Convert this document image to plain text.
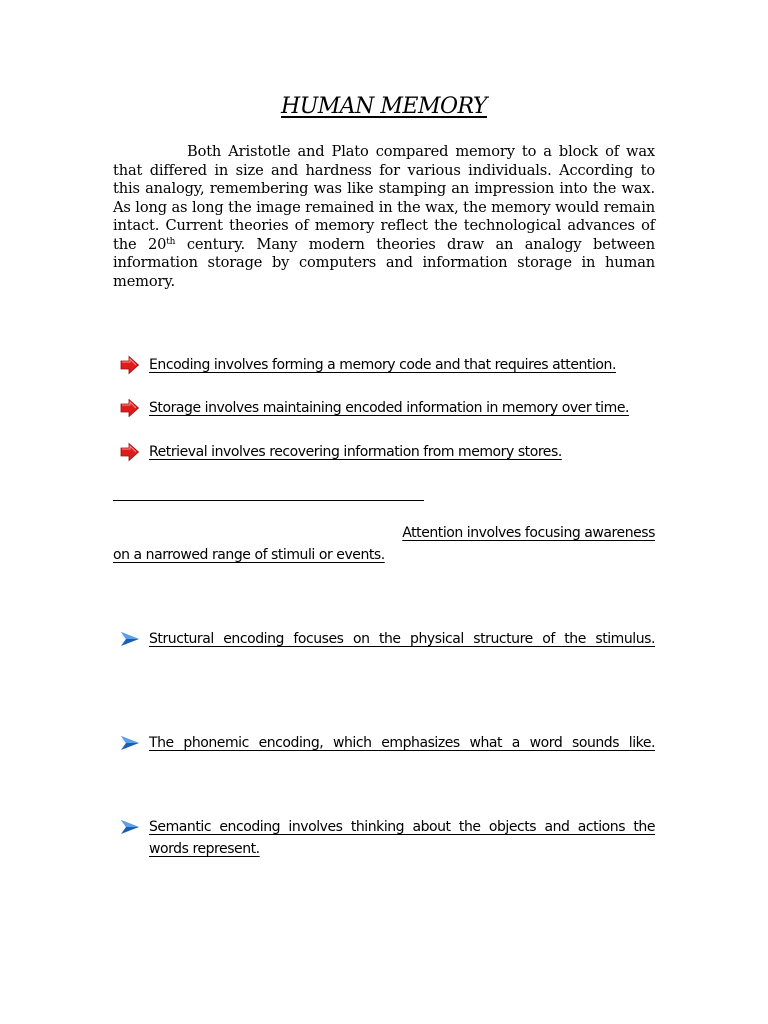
HUMAN MEMORY
Both Aristotle and Plato compared memory to a block of wax that differed in size and hardness for various individuals. According to this analogy, remembering was like stamping an impression into the wax. As long as long the image remained in the wax, the memory would remain intact. Current theories of memory reflect the technological advances of the 20th century. Many modern theories draw an analogy between information storage by computers and information storage in human memory.
Encoding involves forming a memory code and that requires attention.
Storage involves maintaining encoded information in memory over time.
Retrieval involves recovering information from memory stores.
Attention involves focusing awareness
on a narrowed range of stimuli or events.
Structural encoding focuses on the physical structure of the stimulus.
The phonemic encoding, which emphasizes what a word sounds like.
Semantic encoding involves thinking about the objects and actions the words represent.
